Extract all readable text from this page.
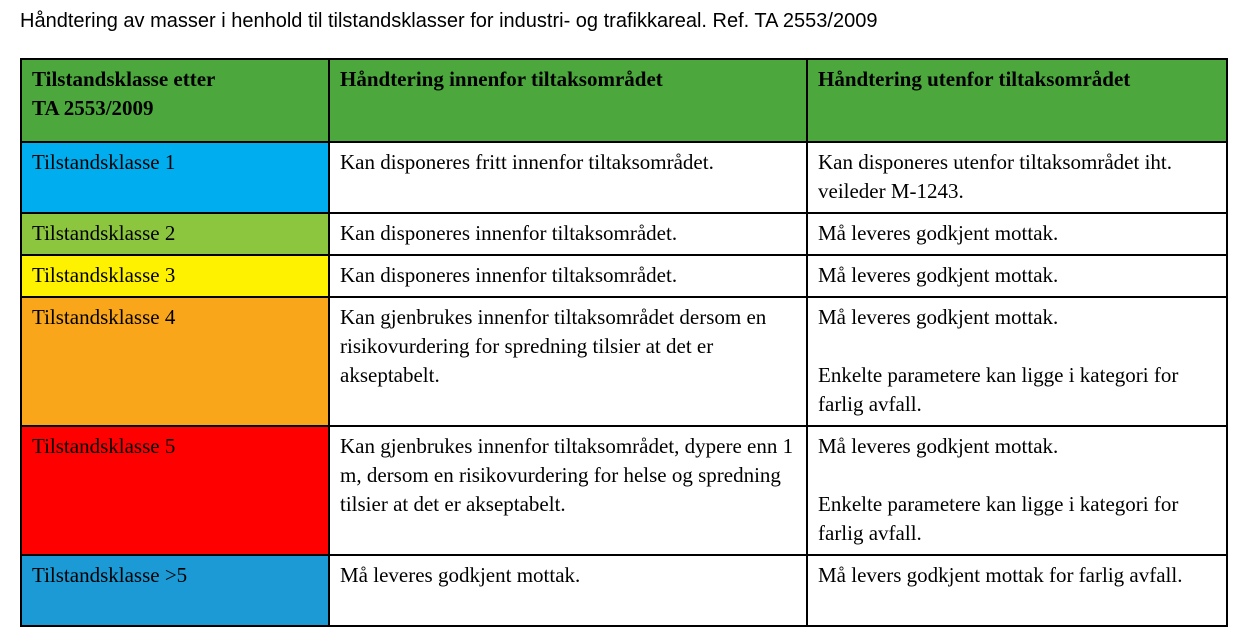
Håndtering av masser i henhold til tilstandsklasser for industri- og trafikkareal. Ref. TA 2553/2009
Tilstandsklasse etter
TA 2553/2009	Håndtering innenfor tiltaksområdet	Håndtering utenfor tiltaksområdet
Tilstandsklasse 1	Kan disponeres fritt innenfor tiltaksområdet.	Kan disponeres utenfor tiltaksområdet iht. veileder M-1243.
Tilstandsklasse 2	Kan disponeres innenfor tiltaksområdet.	Må leveres godkjent mottak.
Tilstandsklasse 3	Kan disponeres innenfor tiltaksområdet.	Må leveres godkjent mottak.
Tilstandsklasse 4	Kan gjenbrukes innenfor tiltaksområdet dersom en risikovurdering for spredning tilsier at det er akseptabelt.	Må leveres godkjent mottak.

Enkelte parametere kan ligge i kategori for farlig avfall.

Tilstandsklasse 5	Kan gjenbrukes innenfor tiltaksområdet, dypere enn 1 m, dersom en risikovurdering for helse og spredning tilsier at det er akseptabelt.	Må leveres godkjent mottak.

Enkelte parametere kan ligge i kategori for farlig avfall.

Tilstandsklasse >5	Må leveres godkjent mottak.	Må levers godkjent mottak for farlig avfall.
